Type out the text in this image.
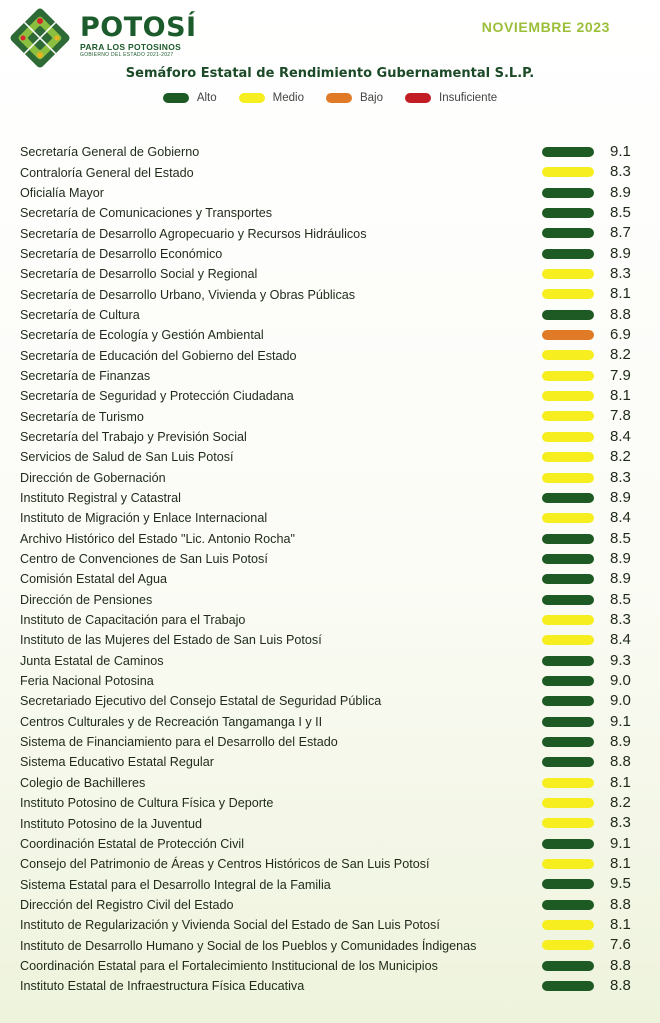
POTOSÍ
PARA LOS POTOSINOS
GOBIERNO DEL ESTADO 2021-2027
NOVIEMBRE 2023
Semáforo Estatal de Rendimiento Gubernamental S.L.P.
Alto	Medio	Bajo	Insuficiente
Secretaría General de Gobierno	9.1
Contraloría General del Estado	8.3
Oficialía Mayor	8.9
Secretaría de Comunicaciones y Transportes	8.5
Secretaría de Desarrollo Agropecuario y Recursos Hidráulicos	8.7
Secretaría de Desarrollo Económico	8.9
Secretaría de Desarrollo Social y Regional	8.3
Secretaría de Desarrollo Urbano, Vivienda y Obras Públicas	8.1
Secretaría de Cultura	8.8
Secretaría de Ecología y Gestión Ambiental	6.9
Secretaría de Educación del Gobierno del Estado	8.2
Secretaría de Finanzas	7.9
Secretaría de Seguridad y Protección Ciudadana	8.1
Secretaría de Turismo	7.8
Secretaría del Trabajo y Previsión Social	8.4
Servicios de Salud de San Luis Potosí	8.2
Dirección de Gobernación	8.3
Instituto Registral y Catastral	8.9
Instituto de Migración y Enlace Internacional	8.4
Archivo Histórico del Estado "Lic. Antonio Rocha"	8.5
Centro de Convenciones de San Luis Potosí	8.9
Comisión Estatal del Agua	8.9
Dirección de Pensiones	8.5
Instituto de Capacitación para el Trabajo	8.3
Instituto de las Mujeres del Estado de San Luis Potosí	8.4
Junta Estatal de Caminos	9.3
Feria Nacional Potosina	9.0
Secretariado Ejecutivo del Consejo Estatal de Seguridad Pública	9.0
Centros Culturales y de Recreación Tangamanga I y II	9.1
Sistema de Financiamiento para el Desarrollo del Estado	8.9
Sistema Educativo Estatal Regular	8.8
Colegio de Bachilleres	8.1
Instituto Potosino de Cultura Física y Deporte	8.2
Instituto Potosino de la Juventud	8.3
Coordinación Estatal de Protección Civil	9.1
Consejo del Patrimonio de Áreas y Centros Históricos de San Luis Potosí	8.1
Sistema Estatal para el Desarrollo Integral de la Familia	9.5
Dirección del Registro Civil del Estado	8.8
Instituto de Regularización y Vivienda Social del Estado de San Luis Potosí	8.1
Instituto de Desarrollo Humano y Social de los Pueblos y Comunidades Índigenas	7.6
Coordinación Estatal para el Fortalecimiento Institucional de los Municipios	8.8
Instituto Estatal de Infraestructura Física Educativa	8.8
